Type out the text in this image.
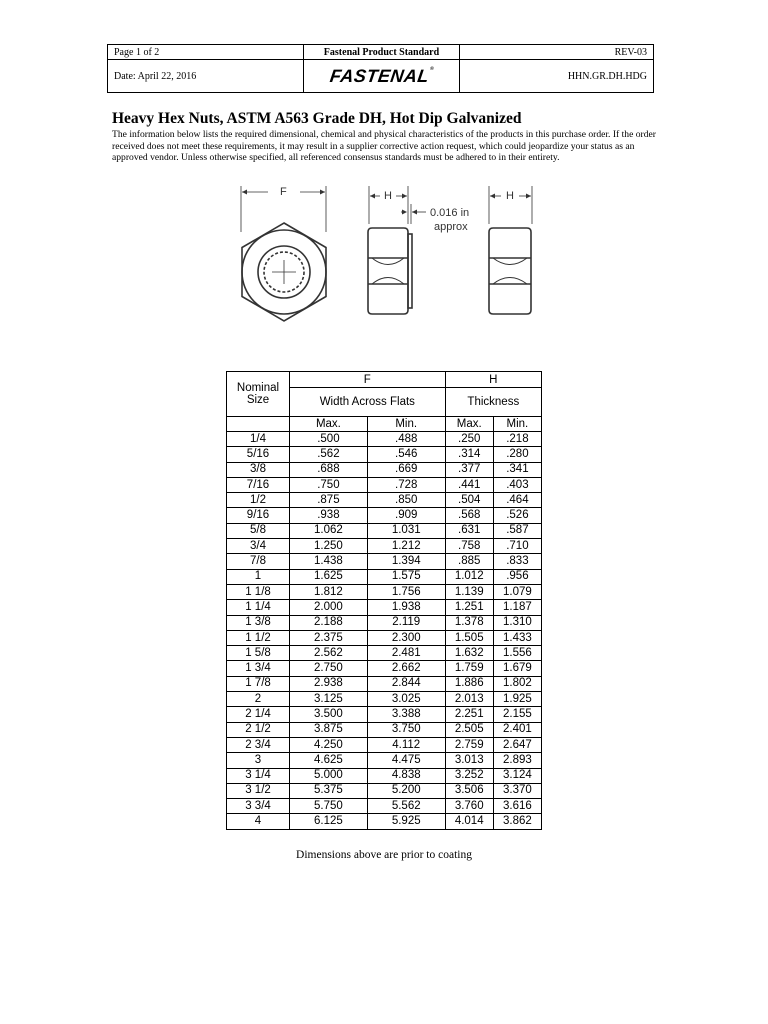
Page 1 of 2	Fastenal Product Standard	REV-03
Date: April 22, 2016	FASTENAL®	HHN.GR.DH.HDG
Heavy Hex Nuts, ASTM A563 Grade DH, Hot Dip Galvanized

The information below lists the required dimensional, chemical and physical characteristics of the products in this purchase order. If the order received does not meet these requirements, it may result in a supplier corrective action request, which could jeopardize your status as an approved vendor. Unless otherwise specified, all referenced consensus standards must be adhered to in their entirety.

F	H	H
0.016 in
approx
Nominal Size	F		H	
	Width Across Flats		Thickness	
	Max.	Min.	Max.	Min.
1/4	.500	.488	.250	.218
5/16	.562	.546	.314	.280
3/8	.688	.669	.377	.341
7/16	.750	.728	.441	.403
1/2	.875	.850	.504	.464
9/16	.938	.909	.568	.526
5/8	1.062	1.031	.631	.587
3/4	1.250	1.212	.758	.710
7/8	1.438	1.394	.885	.833
1	1.625	1.575	1.012	.956
1 1/8	1.812	1.756	1.139	1.079
1 1/4	2.000	1.938	1.251	1.187
1 3/8	2.188	2.119	1.378	1.310
1 1/2	2.375	2.300	1.505	1.433
1 5/8	2.562	2.481	1.632	1.556
1 3/4	2.750	2.662	1.759	1.679
1 7/8	2.938	2.844	1.886	1.802
2	3.125	3.025	2.013	1.925
2 1/4	3.500	3.388	2.251	2.155
2 1/2	3.875	3.750	2.505	2.401
2 3/4	4.250	4.112	2.759	2.647
3	4.625	4.475	3.013	2.893
3 1/4	5.000	4.838	3.252	3.124
3 1/2	5.375	5.200	3.506	3.370
3 3/4	5.750	5.562	3.760	3.616
4	6.125	5.925	4.014	3.862
Dimensions above are prior to coating
